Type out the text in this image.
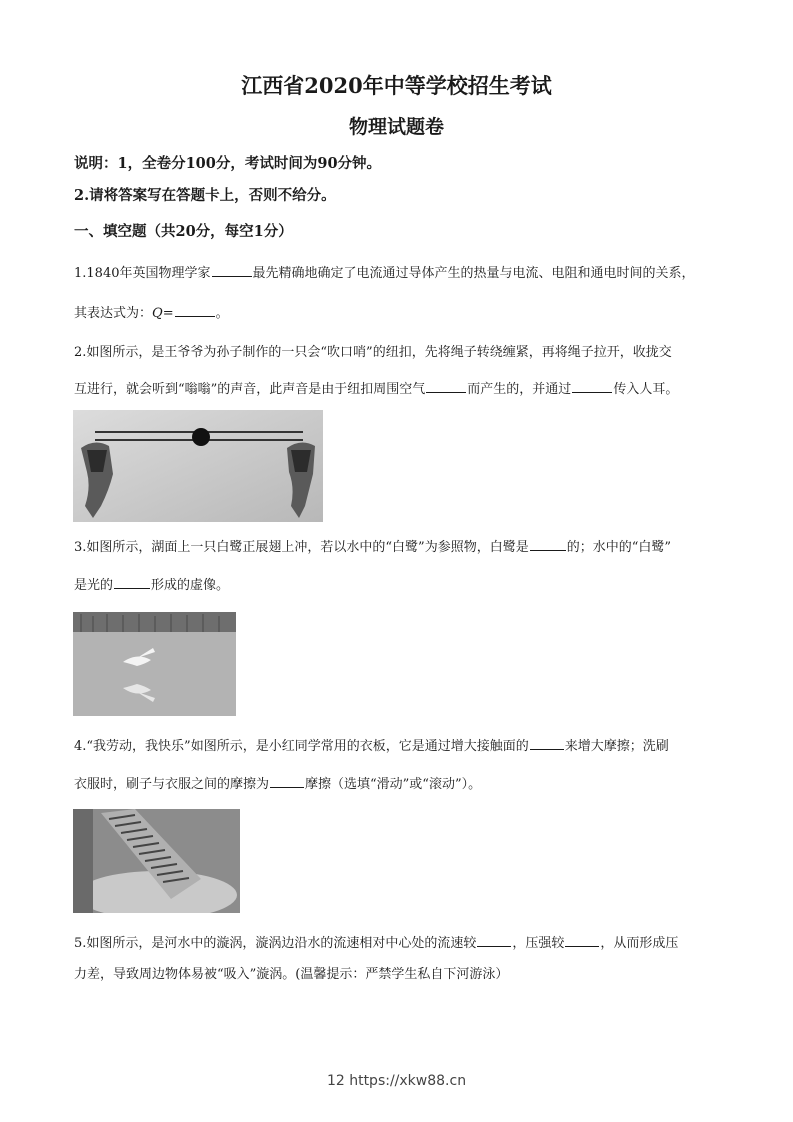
江西省2020年中等学校招生考试
物理试题卷
说明：1，全卷分100分，考试时间为90分钟。
2.请将答案写在答题卡上，否则不给分。
一、填空题（共20分，每空1分）
1.1840年英国物理学家	最先精确地确定了电流通过导体产生的热量与电流、电阻和通电时间的关系，
其表达式为：Q=	。
2.如图所示，是王爷爷为孙子制作的一只会“吹口哨”的纽扣，先将绳子转绕缠紧，再将绳子拉开，收拢交
互进行，就会听到“嗡嗡”的声音，此声音是由于纽扣周围空气	而产生的，并通过	传入人耳。
3.如图所示，湖面上一只白鹭正展翅上冲，若以水中的“白鹭”为参照物，白鹭是	的；水中的“白鹭”
是光的	形成的虚像。
4.“我劳动，我快乐”如图所示，是小红同学常用的衣板，它是通过增大接触面的	来增大摩擦；洗刷
衣服时，刷子与衣服之间的摩擦为	摩擦（选填“滑动”或“滚动”）。
5.如图所示，是河水中的漩涡，漩涡边沿水的流速相对中心处的流速较	，压强较	，从而形成压
力差，导致周边物体易被“吸入”漩涡。(温馨提示：严禁学生私自下河游泳）
12 https://xkw88.cn
